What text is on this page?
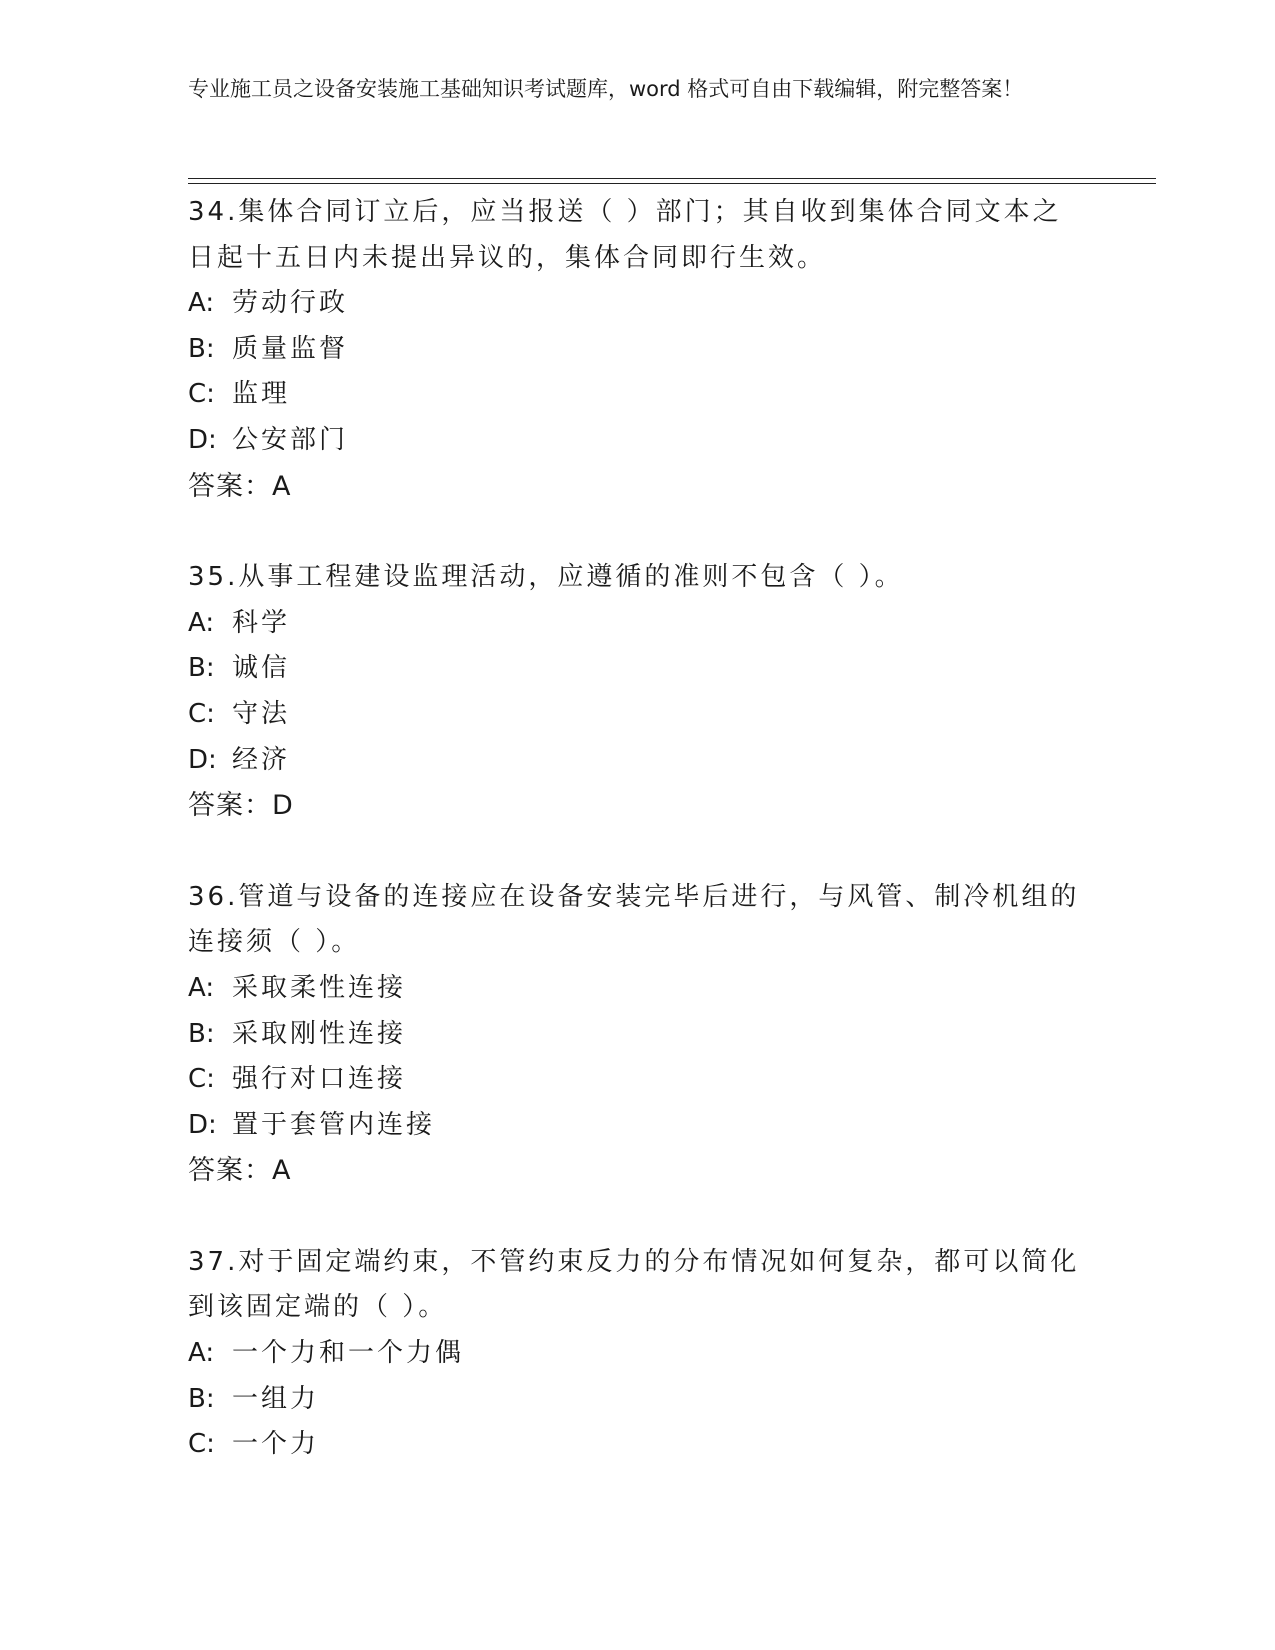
专业施工员之设备安装施工基础知识考试题库，word 格式可自由下载编辑，附完整答案！

34.集体合同订立后，应当报送（ ）部门；其自收到集体合同文本之日起十五日内未提出异议的，集体合同即行生效。

A: 劳动行政

B: 质量监督

C: 监理

D: 公安部门

答案：A

35.从事工程建设监理活动，应遵循的准则不包含（ ）。

A: 科学

B: 诚信

C: 守法

D: 经济

答案：D

36.管道与设备的连接应在设备安装完毕后进行，与风管、制冷机组的连接须（ ）。

A: 采取柔性连接

B: 采取刚性连接

C: 强行对口连接

D: 置于套管内连接

答案：A

37.对于固定端约束，不管约束反力的分布情况如何复杂，都可以简化到该固定端的（ ）。

A: 一个力和一个力偶

B: 一组力

C: 一个力
